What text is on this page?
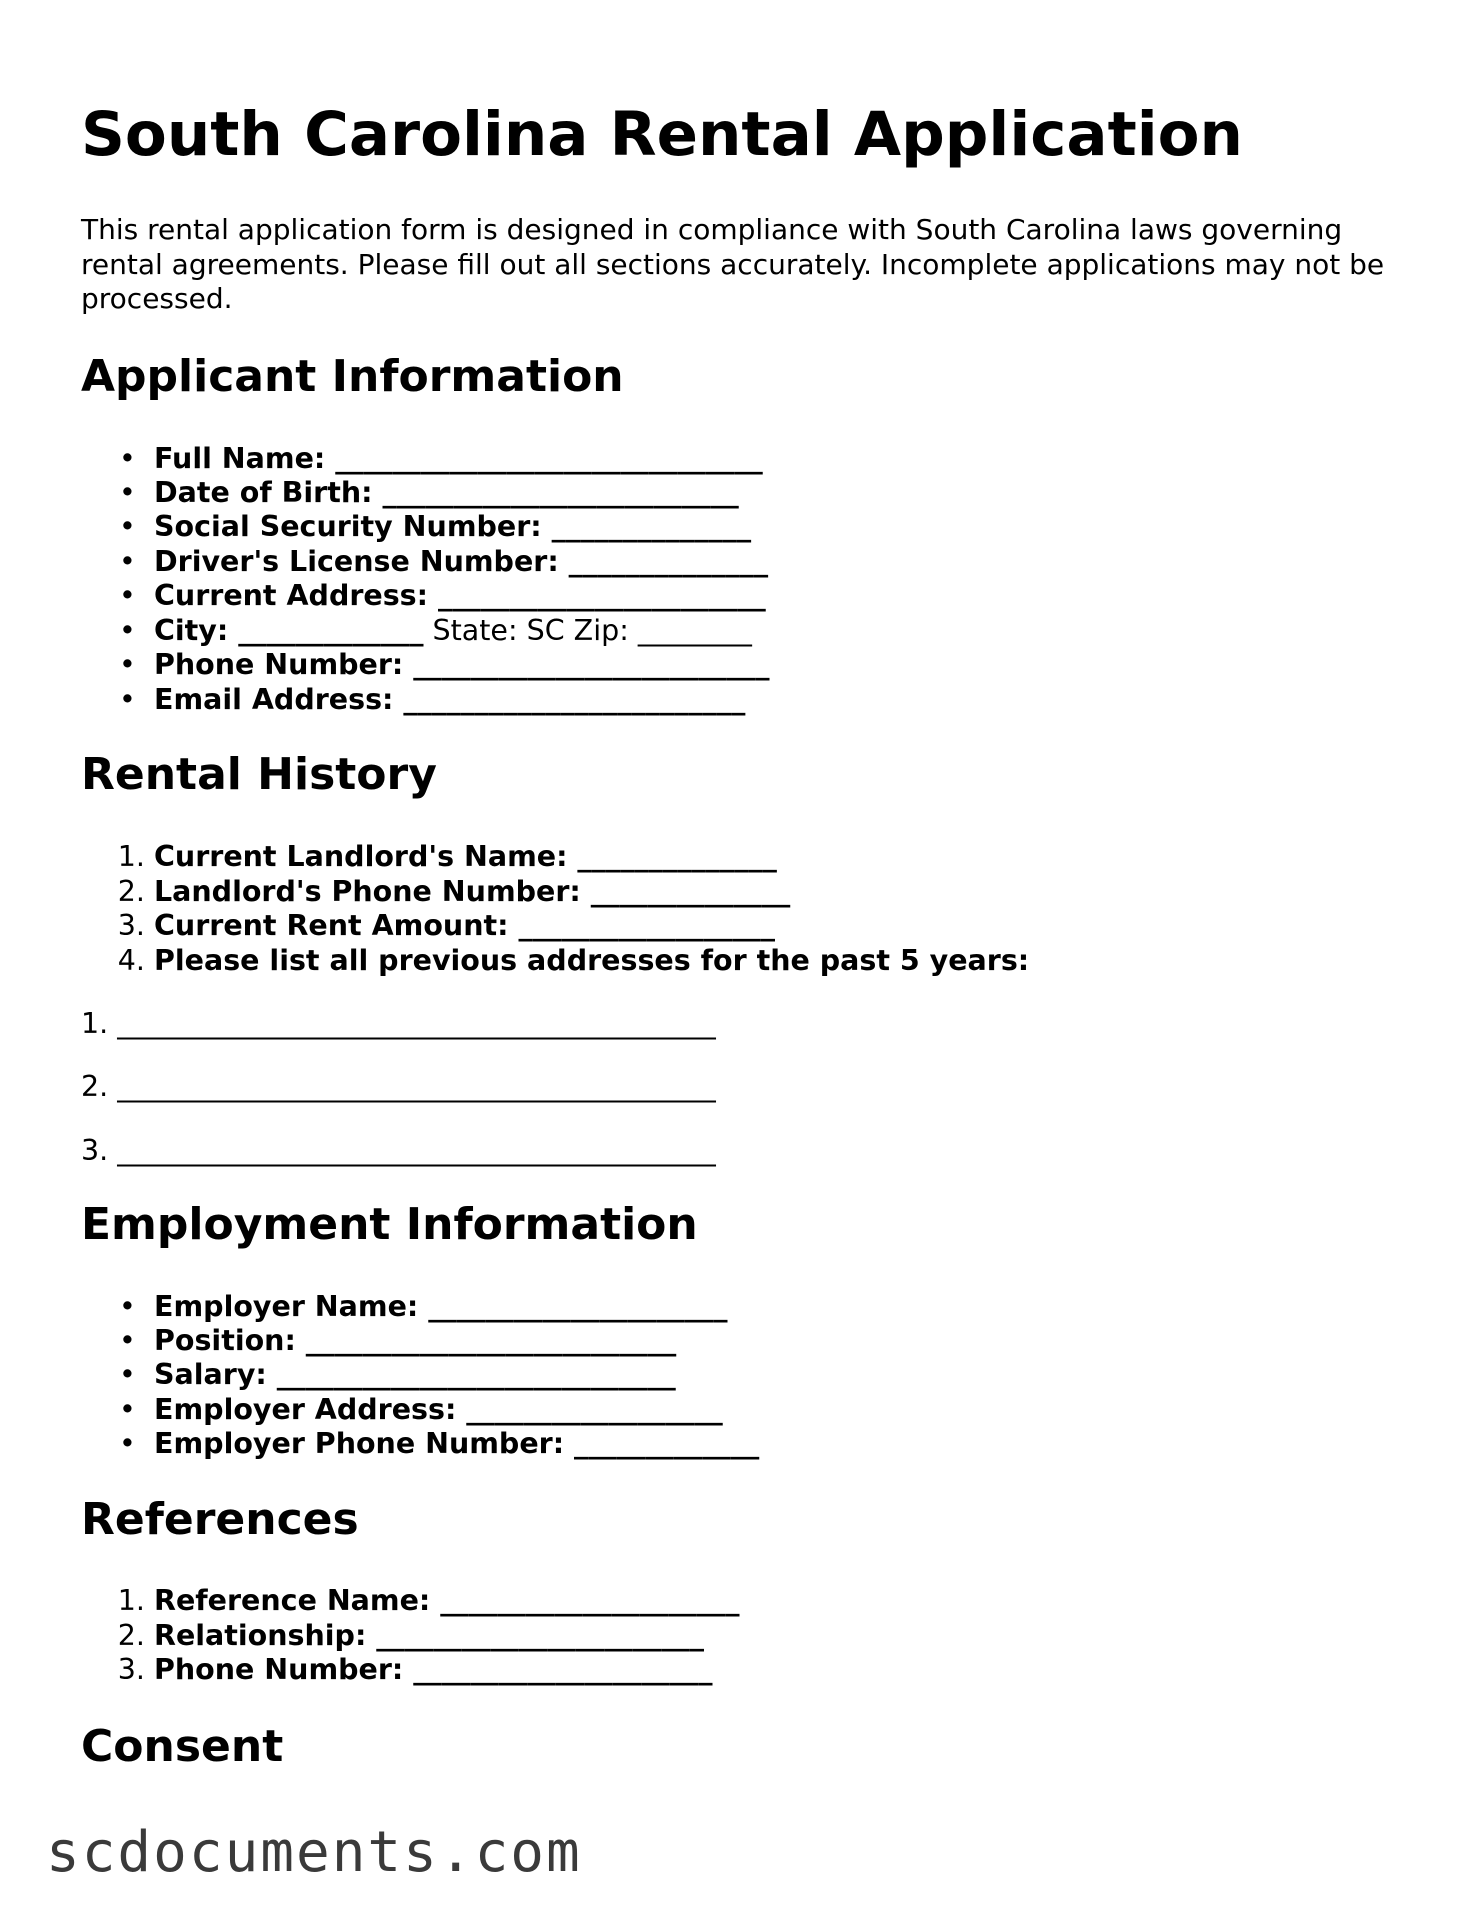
South Carolina Rental Application
This rental application form is designed in compliance with South Carolina laws governing rental agreements. Please fill out all sections accurately. Incomplete applications may not be processed.
Applicant Information
• Full Name: ______________________________
• Date of Birth: _________________________
• Social Security Number: ______________
• Driver's License Number: ______________
• Current Address: _______________________
• City: _____________ State: SC Zip: ________
• Phone Number: _________________________
• Email Address: ________________________
Rental History
1. Current Landlord's Name: ______________
2. Landlord's Phone Number: ______________
3. Current Rent Amount: __________________
4. Please list all previous addresses for the past 5 years:
1. __________________________________________
2. __________________________________________
3. __________________________________________
Employment Information
• Employer Name: _____________________
• Position: __________________________
• Salary: ____________________________
• Employer Address: __________________
• Employer Phone Number: _____________
References
1. Reference Name: _____________________
2. Relationship: _______________________
3. Phone Number: _____________________
Consent
scdocuments.com
